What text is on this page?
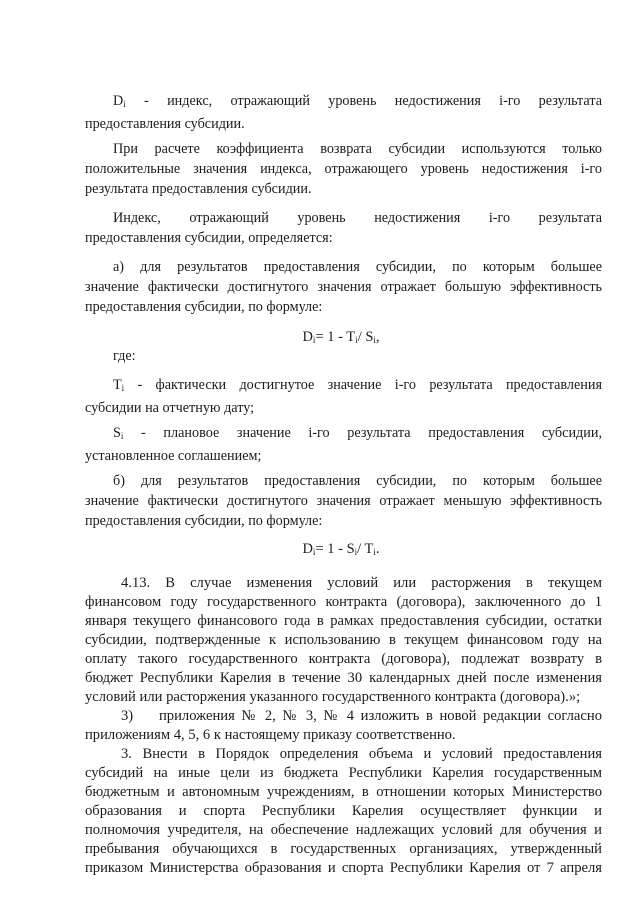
$D_i$ - индекс, отражающий уровень недостижения i-го результата
предоставления субсидии.

При расчете коэффициента возврата субсидии используются только
положительные значения индекса, отражающего уровень недостижения i-го
результата предоставления субсидии.

Индекс, отражающий уровень недостижения i-го результата
предоставления субсидии, определяется:

а) для результатов предоставления субсидии, по которым большее
значение фактически достигнутого значения отражает большую эффективность
предоставления субсидии, по формуле:

$D_i= 1 - T_i/$ $S_i$,

где:

$T_i$ - фактически достигнутое значение i-го результата предоставления
субсидии на отчетную дату;

$S_i$ - плановое значение i-го результата предоставления субсидии,
установленное соглашением;

б) для результатов предоставления субсидии, по которым большее
значение фактически достигнутого значения отражает меньшую эффективность
предоставления субсидии, по формуле:

$D_i= 1 - S_i/$ $T_i$.

4.13. В случае изменения условий или расторжения в текущем
финансовом году государственного контракта (договора), заключенного до 1
января текущего финансового года в рамках предоставления субсидии, остатки
субсидии, подтвержденные к использованию в текущем финансовом году на
оплату такого государственного контракта (договора), подлежат возврату в
бюджет Республики Карелия в течение 30 календарных дней после изменения
условий или расторжения указанного государственного контракта (договора).»;

3) приложения № 2, № 3, № 4 изложить в новой редакции согласно
приложениям 4, 5, 6 к настоящему приказу соответственно.

3. Внести в Порядок определения объема и условий предоставления
субсидий на иные цели из бюджета Республики Карелия государственным
бюджетным и автономным учреждениям, в отношении которых Министерство
образования и спорта Республики Карелия осуществляет функции и
полномочия учредителя, на обеспечение надлежащих условий для обучения и
пребывания обучающихся в государственных организациях, утвержденный
приказом Министерства образования и спорта Республики Карелия от 7 апреля
